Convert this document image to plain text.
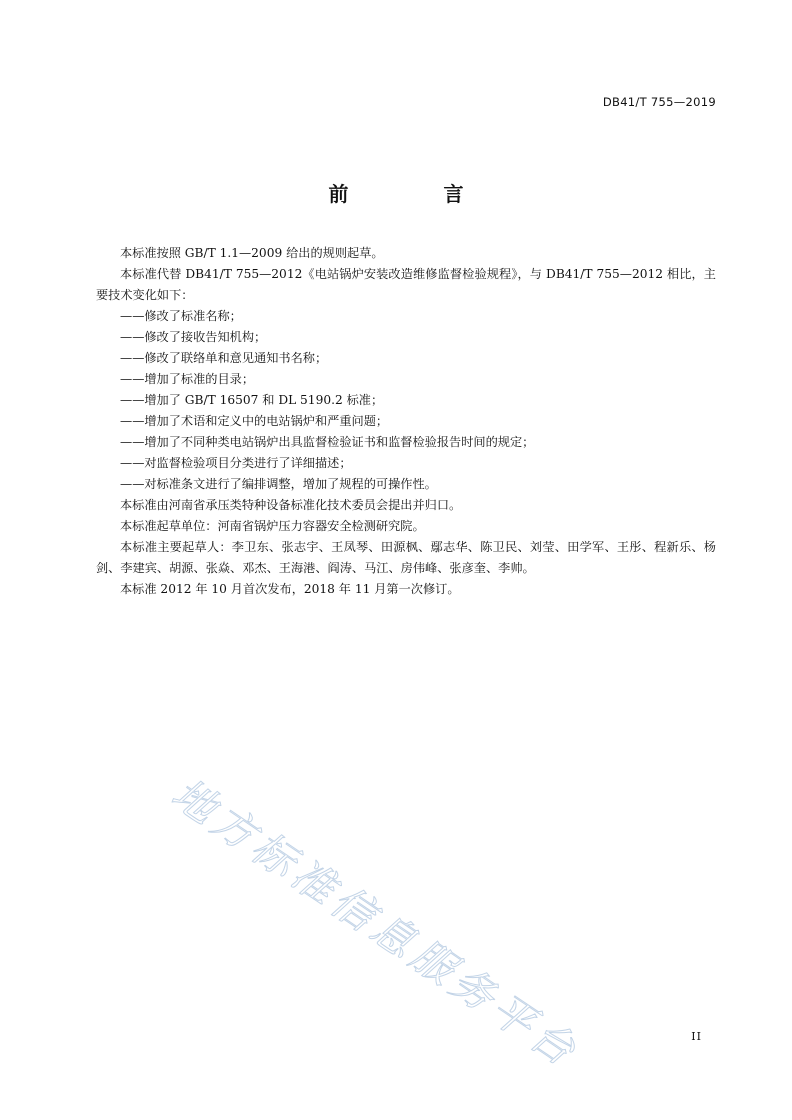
DB41/T 755—2019
前 言

本标准按照 GB/T 1.1—2009 给出的规则起草。

本标准代替 DB41/T 755—2012《电站锅炉安装改造维修监督检验规程》，与 DB41/T 755—2012 相比，主要技术变化如下：

——修改了标准名称；

——修改了接收告知机构；

——修改了联络单和意见通知书名称；

——增加了标准的目录；

——增加了 GB/T 16507 和 DL 5190.2 标准；

——增加了术语和定义中的电站锅炉和严重问题；

——增加了不同种类电站锅炉出具监督检验证书和监督检验报告时间的规定；

——对监督检验项目分类进行了详细描述；

——对标准条文进行了编排调整，增加了规程的可操作性。

本标准由河南省承压类特种设备标准化技术委员会提出并归口。

本标准起草单位：河南省锅炉压力容器安全检测研究院。

本标准主要起草人：李卫东、张志宇、王凤琴、田源枫、鄢志华、陈卫民、刘莹、田学军、王彤、程新乐、杨剑、李建宾、胡源、张焱、邓杰、王海港、阎涛、马江、房伟峰、张彦奎、李帅。

本标准 2012 年 10 月首次发布，2018 年 11 月第一次修订。

地方标准信息服务平台	II
